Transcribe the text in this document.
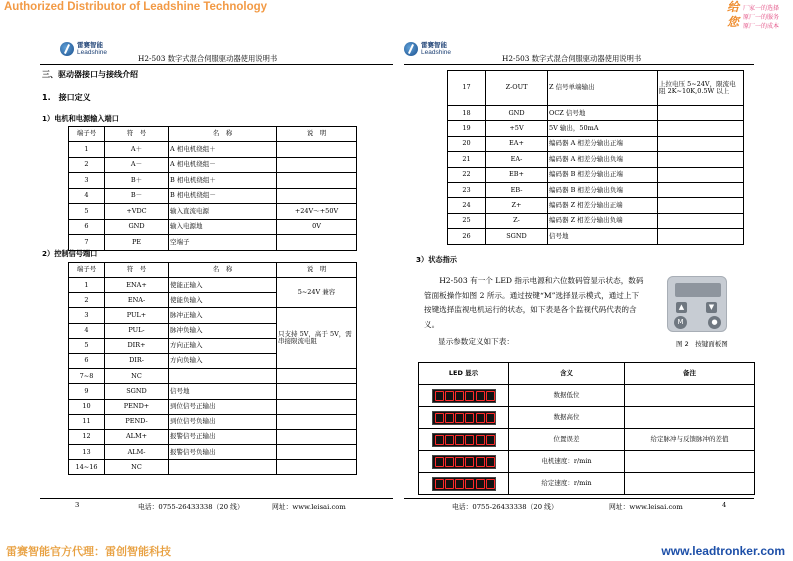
Authorized Distributor of Leadshine Technology	给
您
厂家一的选择
原厂一的服务
原厂一的成本
雷赛智能
Leadshine
H2-503 数字式混合伺服驱动器使用说明书
三、驱动器接口与接线介绍
1.　接口定义
1）电机和电源输入端口
端子号	符　号	名　称	说　明
1	A＋	A 相电机绕组＋	
2	A－	A 相电机绕组－	
3	B＋	B 相电机绕组＋	
4	B－	B 相电机绕组－	
5	+VDC	输入直流电源	+24V～+50V
6	GND	输入电源地	0V
7	PE	空端子	
2）控制信号端口
端子号	符　号	名　称	说　明
1	ENA+	使能正输入	5~24V 兼容
2	ENA-	使能负输入	
3	PUL+	脉冲正输入	只支持 5V，高于 5V，需串接限流电阻
4	PUL-	脉冲负输入	
5	DIR+	方向正输入	
6	DIR-	方向负输入	
7~8	NC		
9	SGND	信号地	
10	PEND+	到位信号正输出	
11	PEND-	到位信号负输出	
12	ALM+	报警信号正输出	
13	ALM-	报警信号负输出	
14~16	NC		
3	电话：0755-26433338（20 线）	网址：www.leisai.com
雷赛智能
Leadshine
H2-503 数字式混合伺服驱动器使用说明书
17	Z-OUT	Z 信号单端输出	上拉电压 5~24V，限流电阻 2K~10K,0.5W 以上
18	GND	OCZ 信号地	
19	+5V	5V 输出，50mA	
20	EA+	编码器 A 相差分输出正端	
21	EA-	编码器 A 相差分输出负端	
22	EB+	编码器 B 相差分输出正端	
23	EB-	编码器 B 相差分输出负端	
24	Z+	编码器 Z 相差分输出正端	
25	Z-	编码器 Z 相差分输出负端	
26	SGND	信号地	
3）状态指示
H2-503 有一个 LED 指示电源和六位数码管显示状态，数码管面板操作如图 2 所示。通过按键“M”选择显示模式，通过上下按键选择监视电机运行的状态，如下表是各个监视代码代表的含义。
显示参数定义如下表：
▲	▼
M	●
图 2　按键面板图
LED 显示	含义	备注

	数据低位	

	数据高位	

	位置误差	给定脉冲与反馈脉冲的差值

	电机速度：r/min	

	给定速度：r/min	
电话：0755-26433338（20 线）	网址：www.leisai.com	4
雷赛智能官方代理：雷创智能科技	www.leadtronker.com
